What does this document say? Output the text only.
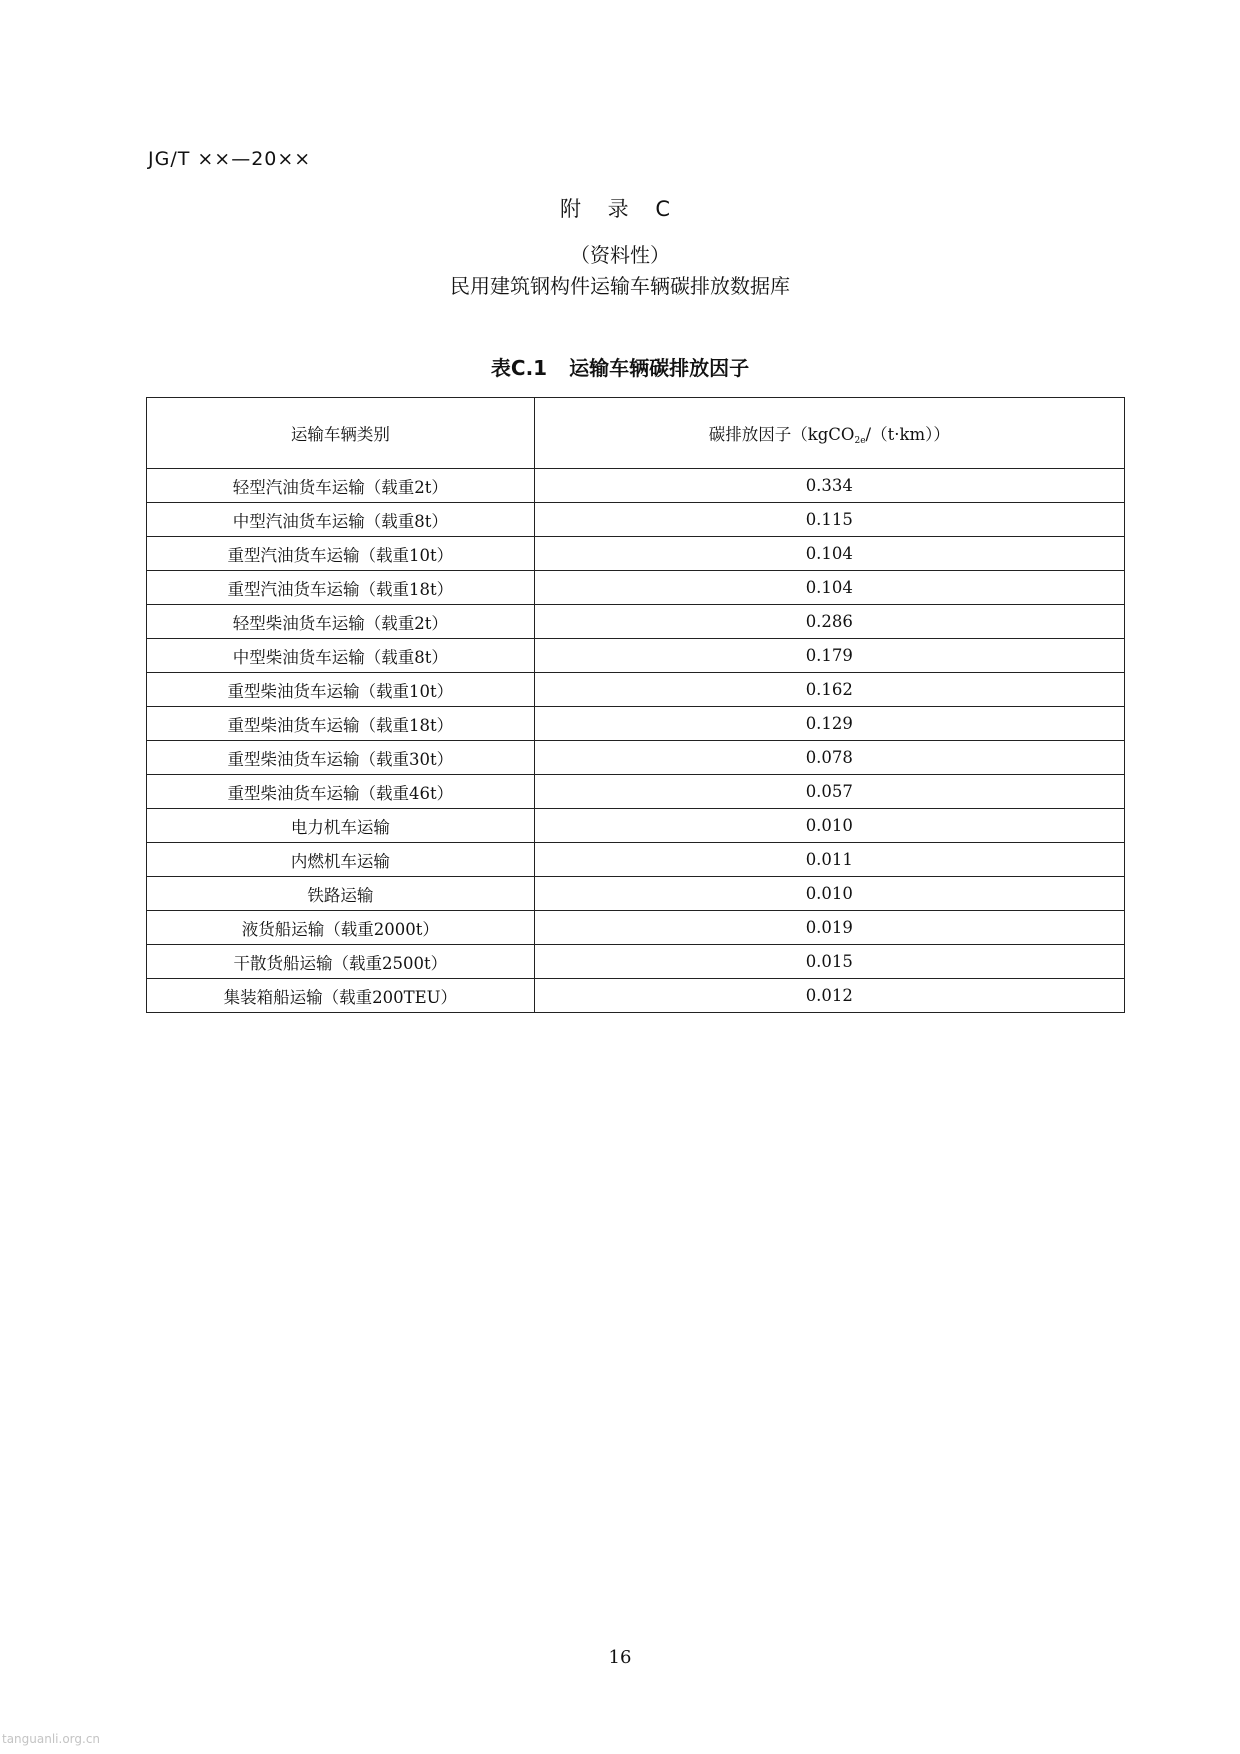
JG/T ××—20××
附 录 C
（资料性）
民用建筑钢构件运输车辆碳排放数据库
表C.1 运输车辆碳排放因子
运输车辆类别	碳排放因子（kgCO$_{2e}$/（t·km））
轻型汽油货车运输（载重2t）	0.334
中型汽油货车运输（载重8t）	0.115
重型汽油货车运输（载重10t）	0.104
重型汽油货车运输（载重18t）	0.104
轻型柴油货车运输（载重2t）	0.286
中型柴油货车运输（载重8t）	0.179
重型柴油货车运输（载重10t）	0.162
重型柴油货车运输（载重18t）	0.129
重型柴油货车运输（载重30t）	0.078
重型柴油货车运输（载重46t）	0.057
电力机车运输	0.010
内燃机车运输	0.011
铁路运输	0.010
液货船运输（载重2000t）	0.019
干散货船运输（载重2500t）	0.015
集装箱船运输（载重200TEU）	0.012
16
tanguanli.org.cn
